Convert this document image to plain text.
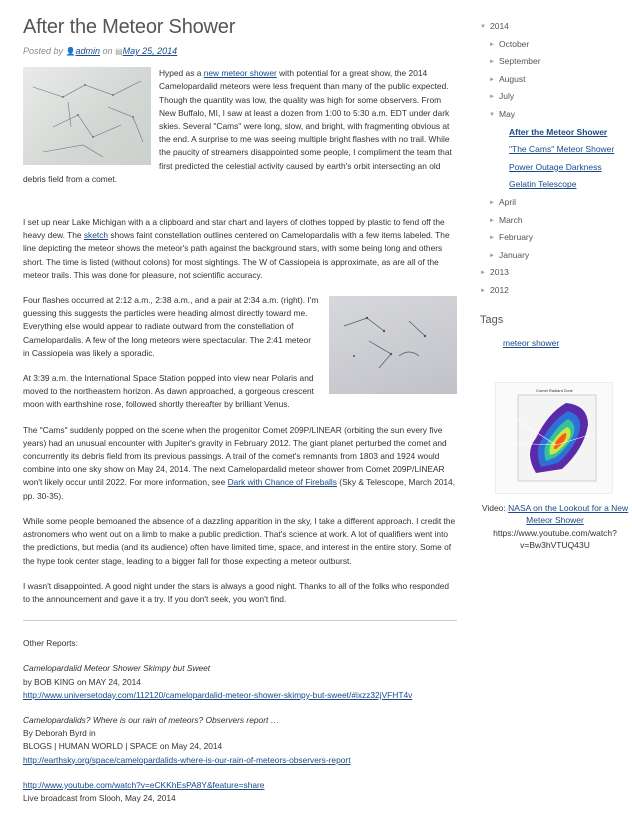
After the Meteor Shower
Posted by 👤admin on ▤May 25, 2014
Hyped as a new meteor shower with potential for a great show, the 2014 Camelopardalid meteors were less frequent than many of the public expected. Though the quantity was low, the quality was high for some observers. From New Buffalo, MI, I saw at least a dozen from 1:00 to 5:30 a.m. EDT under dark skies. Several "Cams" were long, slow, and bright, with fragmenting obvious at the end. A surprise to me was seeing multiple bright flashes with no trail. While the paucity of streamers disappointed some people, I compliment the team that first predicted the celestial activity caused by earth's orbit intersecting an old debris field from a comet.
I set up near Lake Michigan with a a clipboard and star chart and layers of clothes topped by plastic to fend off the heavy dew. The sketch shows faint constellation outlines centered on Camelopardalis with a few items labeled. The line depicting the meteor shows the meteor's path against the background stars, with some being long and others short. The time is listed (without colons) for most sightings. The W of Cassiopeia is approximate, as are all of the meteor trails. This was done for pleasure, not scientific accuracy.
Four flashes occurred at 2:12 a.m., 2:38 a.m., and a pair at 2:34 a.m. (right). I'm guessing this suggests the particles were heading almost directly toward me. Everything else would appear to radiate outward from the constellation of Camelopardalis. A few of the long meteors were spectacular. The 2:41 meteor in Cassiopeia was likely a sporadic.
At 3:39 a.m. the International Space Station popped into view near Polaris and moved to the northeastern horizon. As dawn approached, a gorgeous crescent moon with earthshine rose, followed shortly thereafter by brilliant Venus.
The "Cams" suddenly popped on the scene when the progenitor Comet 209P/LINEAR (orbiting the sun every five years) had an unusual encounter with Jupiter's gravity in February 2012. The giant planet perturbed the comet and concurrently its debris field from its previous passings. A trail of the comet's remnants from 1803 and 1924 would combine into one sky show on May 24, 2014. The next Camelopardalid meteor shower from Comet 209P/LINEAR won't likely occur until 2022. For more information, see Dark with Chance of Fireballs (Sky & Telescope, March 2014, pp. 30-35).
While some people bemoaned the absence of a dazzling apparition in the sky, I take a different approach. I credit the astronomers who went out on a limb to make a public prediction. That's science at work. A lot of qualifiers went into the predictions, but media (and its audience) often have limited time, space, and interest in the entire story. Some of the hype took center stage, leading to a bigger fall for those expecting a meteor outburst.
I wasn't disappointed. A good night under the stars is always a good night. Thanks to all of the folks who responded to the announcement and gave it a try. If you don't seek, you won't find.
Other Reports:
Camelopardalid Meteor Shower Skimpy but Sweet
by BOB KING on MAY 24, 2014
http://www.universetoday.com/112120/camelopardalid-meteor-shower-skimpy-but-sweet/#ixzz32jVFHT4v
Camelopardalids? Where is our rain of meteors? Observers report …
By Deborah Byrd in
BLOGS | HUMAN WORLD | SPACE on May 24, 2014
http://earthsky.org/space/camelopardalids-where-is-our-rain-of-meteors-observers-report
http://www.youtube.com/watch?v=eCKKhEsPA8Y&feature=share
Live broadcast from Slooh, May 24, 2014
▼ 2014
► October
► September
► August
► July
▼ May
After the Meteor Shower
"The Cams" Meteor Shower
Power Outage Darkness
Gelatin Telescope
► April
► March
► February
► January
► 2013
► 2012
Tags
meteor shower
Comet Radiant Zone
Video: NASA on the Lookout for a New Meteor Shower
https://www.youtube.com/watch?v=Bw3hVTUQ43U
